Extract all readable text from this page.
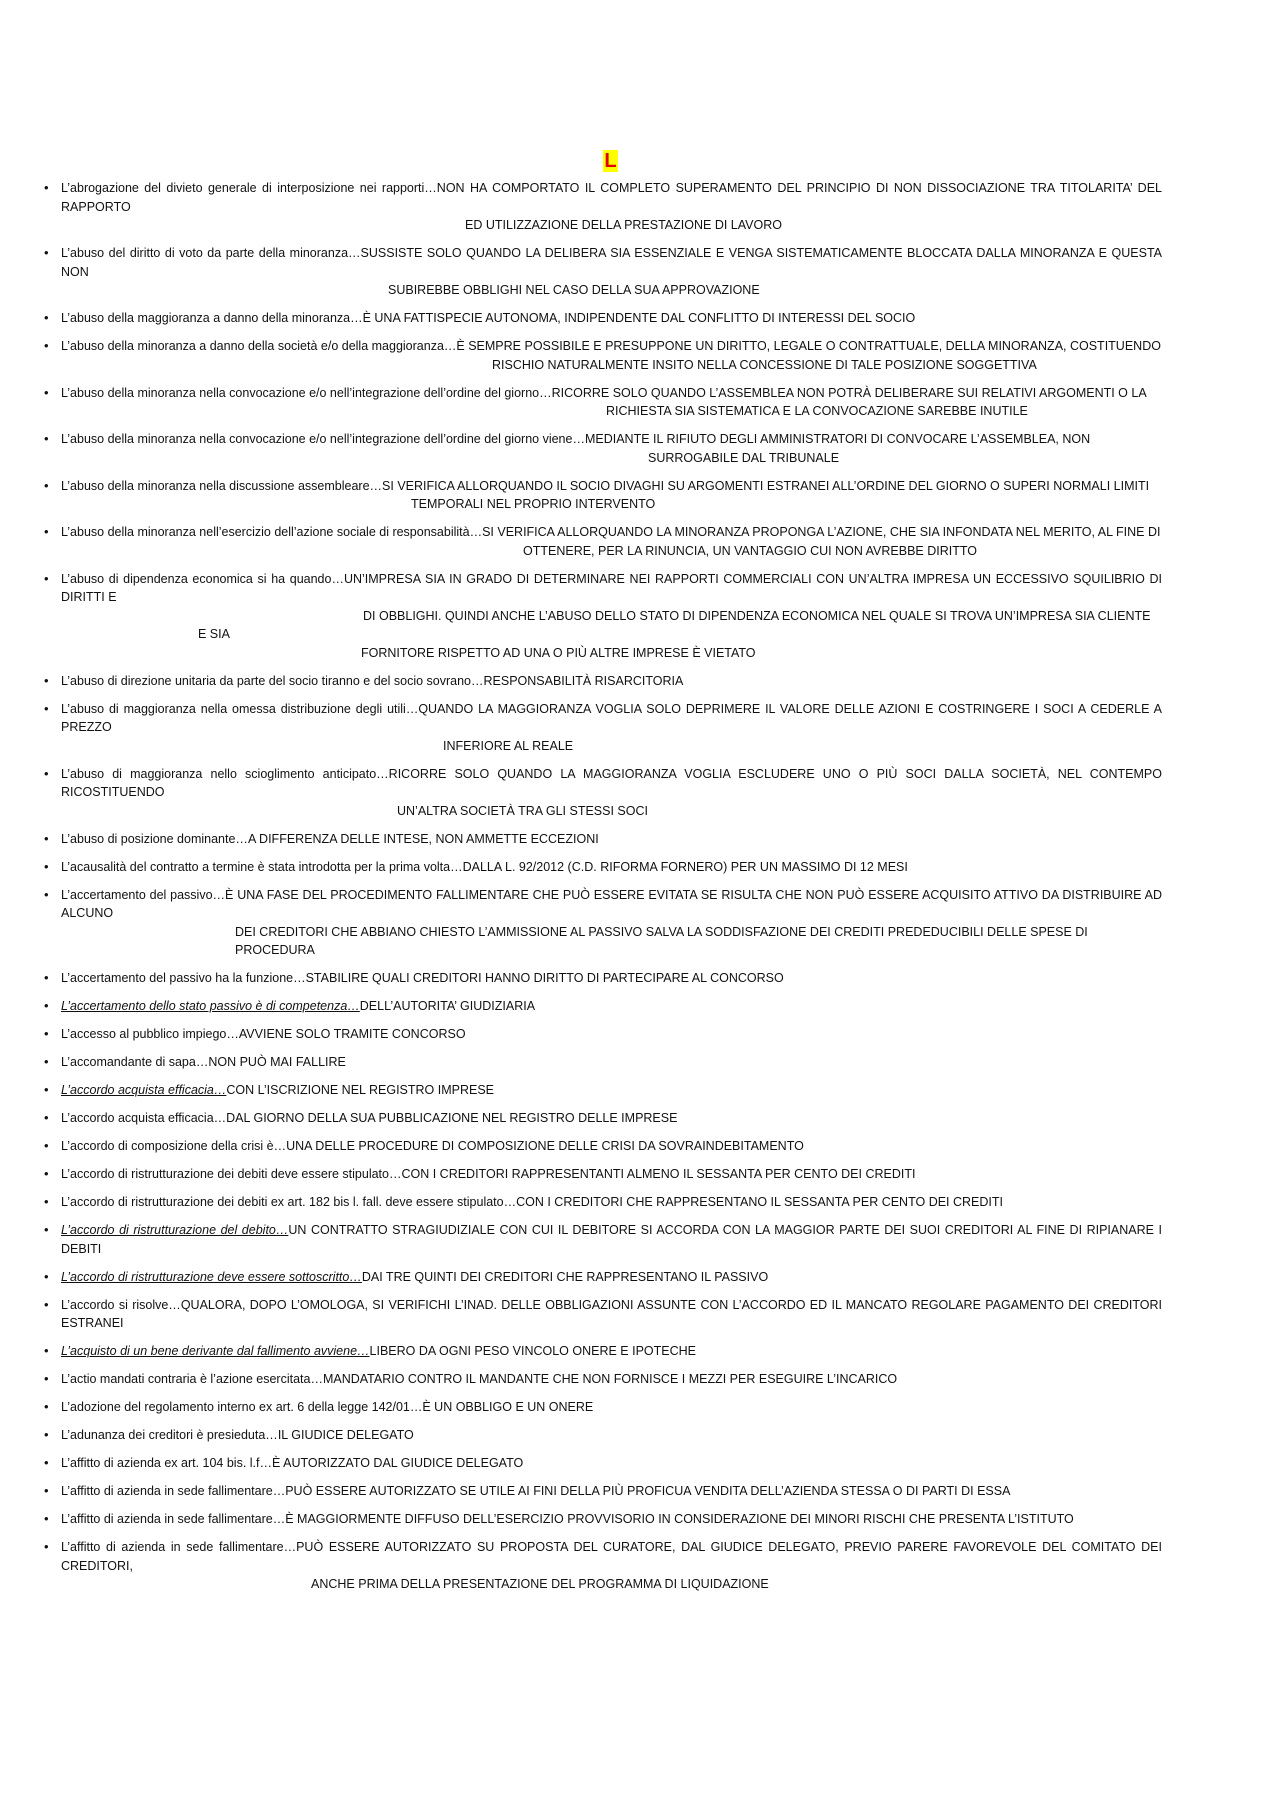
L
• L’abrogazione del divieto generale di interposizione nei rapporti…NON HA COMPORTATO IL COMPLETO SUPERAMENTO DEL PRINCIPIO DI NON DISSOCIAZIONE TRA TITOLARITA’ DEL RAPPORTO
ED UTILIZZAZIONE DELLA PRESTAZIONE DI LAVORO
• L’abuso del diritto di voto da parte della minoranza…SUSSISTE SOLO QUANDO LA DELIBERA SIA ESSENZIALE E VENGA SISTEMATICAMENTE BLOCCATA DALLA MINORANZA E QUESTA NON
SUBIREBBE OBBLIGHI NEL CASO DELLA SUA APPROVAZIONE
• L’abuso della maggioranza a danno della minoranza…È UNA FATTISPECIE AUTONOMA, INDIPENDENTE DAL CONFLITTO DI INTERESSI DEL SOCIO
• L’abuso della minoranza a danno della società e/o della maggioranza…È SEMPRE POSSIBILE E PRESUPPONE UN DIRITTO, LEGALE O CONTRATTUALE, DELLA MINORANZA, COSTITUENDO
RISCHIO NATURALMENTE INSITO NELLA CONCESSIONE DI TALE POSIZIONE SOGGETTIVA
• L’abuso della minoranza nella convocazione e/o nell’integrazione dell’ordine del giorno…RICORRE SOLO QUANDO L’ASSEMBLEA NON POTRÀ DELIBERARE SUI RELATIVI ARGOMENTI O LA
RICHIESTA SIA SISTEMATICA E LA CONVOCAZIONE SAREBBE INUTILE
• L’abuso della minoranza nella convocazione e/o nell’integrazione dell’ordine del giorno viene…MEDIANTE IL RIFIUTO DEGLI AMMINISTRATORI DI CONVOCARE L’ASSEMBLEA, NON
SURROGABILE DAL TRIBUNALE
• L’abuso della minoranza nella discussione assembleare…SI VERIFICA ALLORQUANDO IL SOCIO DIVAGHI SU ARGOMENTI ESTRANEI ALL’ORDINE DEL GIORNO O SUPERI NORMALI LIMITI
TEMPORALI NEL PROPRIO INTERVENTO
• L’abuso della minoranza nell’esercizio dell’azione sociale di responsabilità…SI VERIFICA ALLORQUANDO LA MINORANZA PROPONGA L’AZIONE, CHE SIA INFONDATA NEL MERITO, AL FINE DI
OTTENERE, PER LA RINUNCIA, UN VANTAGGIO CUI NON AVREBBE DIRITTO
• L’abuso di dipendenza economica si ha quando…UN’IMPRESA SIA IN GRADO DI DETERMINARE NEI RAPPORTI COMMERCIALI CON UN’ALTRA IMPRESA UN ECCESSIVO SQUILIBRIO DI DIRITTI E
DI OBBLIGHI. QUINDI ANCHE L’ABUSO DELLO STATO DI DIPENDENZA ECONOMICA NEL QUALE SI TROVA UN’IMPRESA SIA CLIENTE
E SIA
FORNITORE RISPETTO AD UNA O PIÙ ALTRE IMPRESE È VIETATO
• L’abuso di direzione unitaria da parte del socio tiranno e del socio sovrano…RESPONSABILITÀ RISARCITORIA
• L’abuso di maggioranza nella omessa distribuzione degli utili…QUANDO LA MAGGIORANZA VOGLIA SOLO DEPRIMERE IL VALORE DELLE AZIONI E COSTRINGERE I SOCI A CEDERLE A PREZZO
INFERIORE AL REALE
• L’abuso di maggioranza nello scioglimento anticipato…RICORRE SOLO QUANDO LA MAGGIORANZA VOGLIA ESCLUDERE UNO O PIÙ SOCI DALLA SOCIETÀ, NEL CONTEMPO RICOSTITUENDO
UN’ALTRA SOCIETÀ TRA GLI STESSI SOCI
• L’abuso di posizione dominante…A DIFFERENZA DELLE INTESE, NON AMMETTE ECCEZIONI
• L’acausalità del contratto a termine è stata introdotta per la prima volta…DALLA L. 92/2012 (C.D. RIFORMA FORNERO) PER UN MASSIMO DI 12 MESI
• L’accertamento del passivo…È UNA FASE DEL PROCEDIMENTO FALLIMENTARE CHE PUÒ ESSERE EVITATA SE RISULTA CHE NON PUÒ ESSERE ACQUISITO ATTIVO DA DISTRIBUIRE AD ALCUNO
DEI CREDITORI CHE ABBIANO CHIESTO L’AMMISSIONE AL PASSIVO SALVA LA SODDISFAZIONE DEI CREDITI PREDEDUCIBILI DELLE SPESE DI PROCEDURA
• L’accertamento del passivo ha la funzione…STABILIRE QUALI CREDITORI HANNO DIRITTO DI PARTECIPARE AL CONCORSO
• L’accertamento dello stato passivo è di competenza…DELL’AUTORITA’ GIUDIZIARIA
• L’accesso al pubblico impiego…AVVIENE SOLO TRAMITE CONCORSO
• L’accomandante di sapa…NON PUÒ MAI FALLIRE
• L’accordo acquista efficacia…CON L’ISCRIZIONE NEL REGISTRO IMPRESE
• L’accordo acquista efficacia…DAL GIORNO DELLA SUA PUBBLICAZIONE NEL REGISTRO DELLE IMPRESE
• L’accordo di composizione della crisi è…UNA DELLE PROCEDURE DI COMPOSIZIONE DELLE CRISI DA SOVRAINDEBITAMENTO
• L’accordo di ristrutturazione dei debiti deve essere stipulato…CON I CREDITORI RAPPRESENTANTI ALMENO IL SESSANTA PER CENTO DEI CREDITI
• L’accordo di ristrutturazione dei debiti ex art. 182 bis l. fall. deve essere stipulato…CON I CREDITORI CHE RAPPRESENTANO IL SESSANTA PER CENTO DEI CREDITI
• L’accordo di ristrutturazione del debito…UN CONTRATTO STRAGIUDIZIALE CON CUI IL DEBITORE SI ACCORDA CON LA MAGGIOR PARTE DEI SUOI CREDITORI AL FINE DI RIPIANARE I DEBITI
• L’accordo di ristrutturazione deve essere sottoscritto…DAI TRE QUINTI DEI CREDITORI CHE RAPPRESENTANO IL PASSIVO
• L’accordo si risolve…QUALORA, DOPO L’OMOLOGA, SI VERIFICHI L’INAD. DELLE OBBLIGAZIONI ASSUNTE CON L’ACCORDO ED IL MANCATO REGOLARE PAGAMENTO DEI CREDITORI ESTRANEI
• L’acquisto di un bene derivante dal fallimento avviene…LIBERO DA OGNI PESO VINCOLO ONERE E IPOTECHE
• L’actio mandati contraria è l’azione esercitata…MANDATARIO CONTRO IL MANDANTE CHE NON FORNISCE I MEZZI PER ESEGUIRE L’INCARICO
• L’adozione del regolamento interno ex art. 6 della legge 142/01…È UN OBBLIGO E UN ONERE
• L’adunanza dei creditori è presieduta…IL GIUDICE DELEGATO
• L’affitto di azienda ex art. 104 bis. l.f…È AUTORIZZATO DAL GIUDICE DELEGATO
• L’affitto di azienda in sede fallimentare…PUÒ ESSERE AUTORIZZATO SE UTILE AI FINI DELLA PIÙ PROFICUA VENDITA DELL’AZIENDA STESSA O DI PARTI DI ESSA
• L’affitto di azienda in sede fallimentare…È MAGGIORMENTE DIFFUSO DELL’ESERCIZIO PROVVISORIO IN CONSIDERAZIONE DEI MINORI RISCHI CHE PRESENTA L’ISTITUTO
• L’affitto di azienda in sede fallimentare…PUÒ ESSERE AUTORIZZATO SU PROPOSTA DEL CURATORE, DAL GIUDICE DELEGATO, PREVIO PARERE FAVOREVOLE DEL COMITATO DEI CREDITORI,
ANCHE PRIMA DELLA PRESENTAZIONE DEL PROGRAMMA DI LIQUIDAZIONE
